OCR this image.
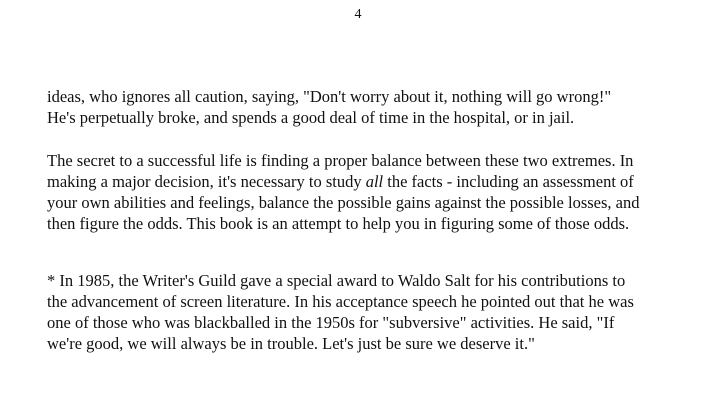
4

ideas, who ignores all caution, saying, "Don't worry about it, nothing will go wrong!"
He's perpetually broke, and spends a good deal of time in the hospital, or in jail.

The secret to a successful life is finding a proper balance between these two extremes. In
making a major decision, it's necessary to study all the facts - including an assessment of
your own abilities and feelings, balance the possible gains against the possible losses, and
then figure the odds. This book is an attempt to help you in figuring some of those odds.

* In 1985, the Writer's Guild gave a special award to Waldo Salt for his contributions to
the advancement of screen literature. In his acceptance speech he pointed out that he was
one of those who was blackballed in the 1950s for "subversive" activities. He said, "If
we're good, we will always be in trouble. Let's just be sure we deserve it."
